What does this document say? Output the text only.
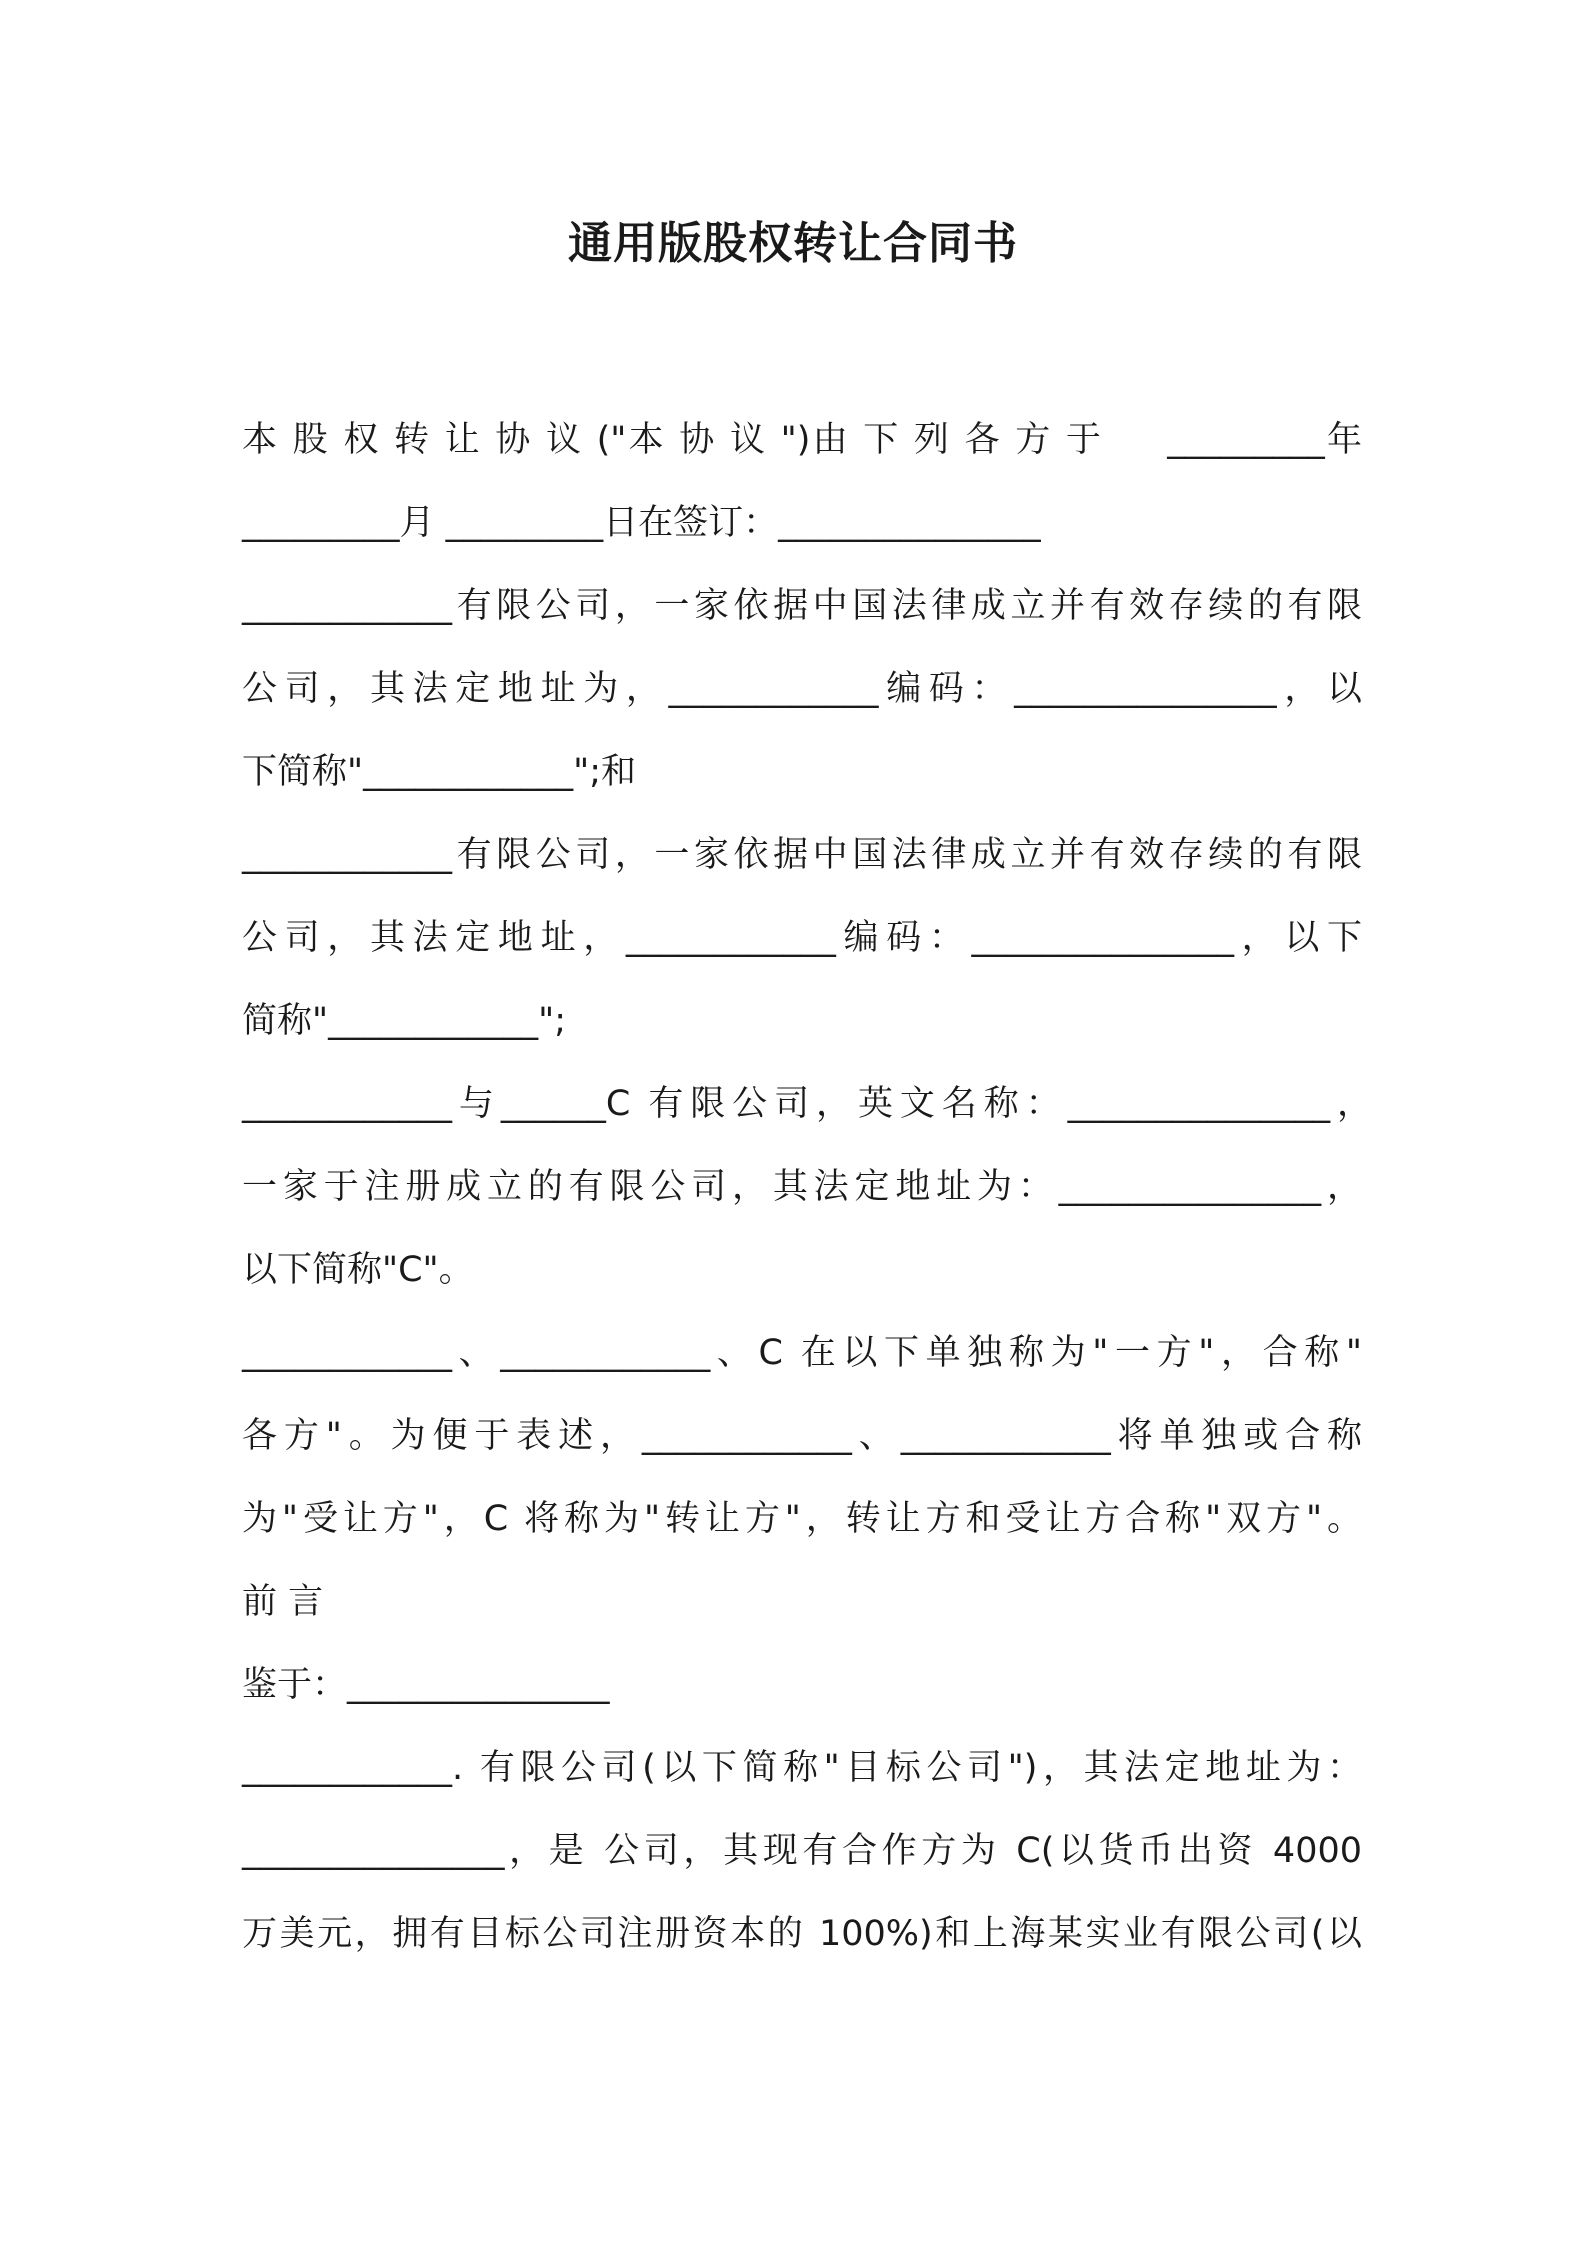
通用版股权转让合同书
本 股 权 转 让 协 议 ("本 协 议 ")由 下 列 各 方 于 　 _________年
_________月 _________日在签订：_______________
____________有限公司，一家依据中国法律成立并有效存续的有限
公司，其法定地址为，____________编码：_______________，以
下简称"____________";和
____________有限公司，一家依据中国法律成立并有效存续的有限
公司，其法定地址，____________编码：_______________，以下
简称"____________";
____________与______C 有限公司，英文名称：_______________，
一家于注册成立的有限公司，其法定地址为：_______________，
以下简称"C"。
____________、____________、C 在以下单独称为"一方"，合称"
各方"。为便于表述，____________、____________将单独或合称
为"受让方"，C 将称为"转让方"，转让方和受让方合称"双方"。
前 言
鉴于：_______________
____________. 有限公司(以下简称"目标公司")，其法定地址为：
_______________，是 公司，其现有合作方为 C(以货币出资 4000
万美元，拥有目标公司注册资本的 100%)和上海某实业有限公司(以
